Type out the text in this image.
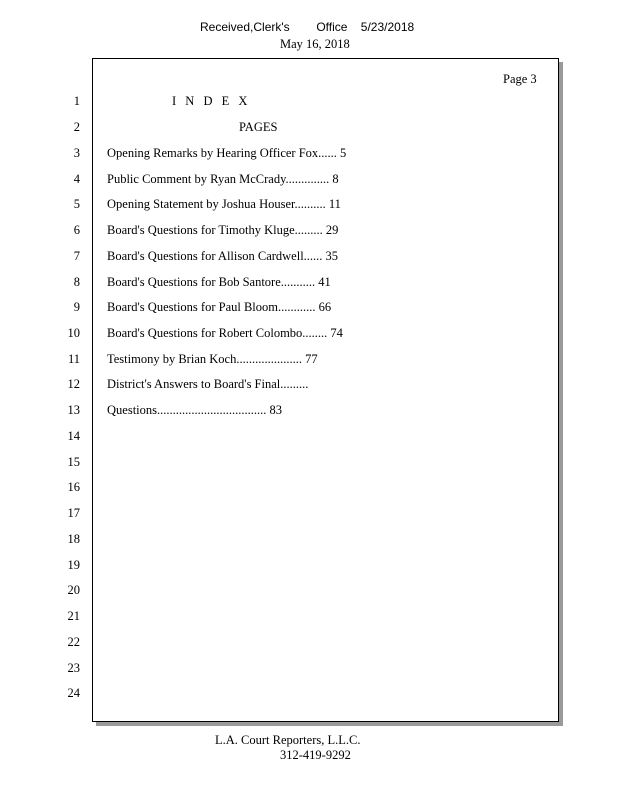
Received,Clerk's        Office    5/23/2018
May 16, 2018
Page 3
1
2
3
4
5
6
7
8
9
10
11
12
13
14
15
16
17
18
19
20
21
22
23
24
I N D E X
PAGES
Opening Remarks by Hearing Officer Fox...... 5
Public Comment by Ryan McCrady.............. 8
Opening Statement by Joshua Houser.......... 11
Board's Questions for Timothy Kluge......... 29
Board's Questions for Allison Cardwell...... 35
Board's Questions for Bob Santore........... 41
Board's Questions for Paul Bloom............ 66
Board's Questions for Robert Colombo........ 74
Testimony by Brian Koch..................... 77
District's Answers to Board's Final.........
Questions................................... 83
L.A. Court Reporters, L.L.C.
312-419-9292
